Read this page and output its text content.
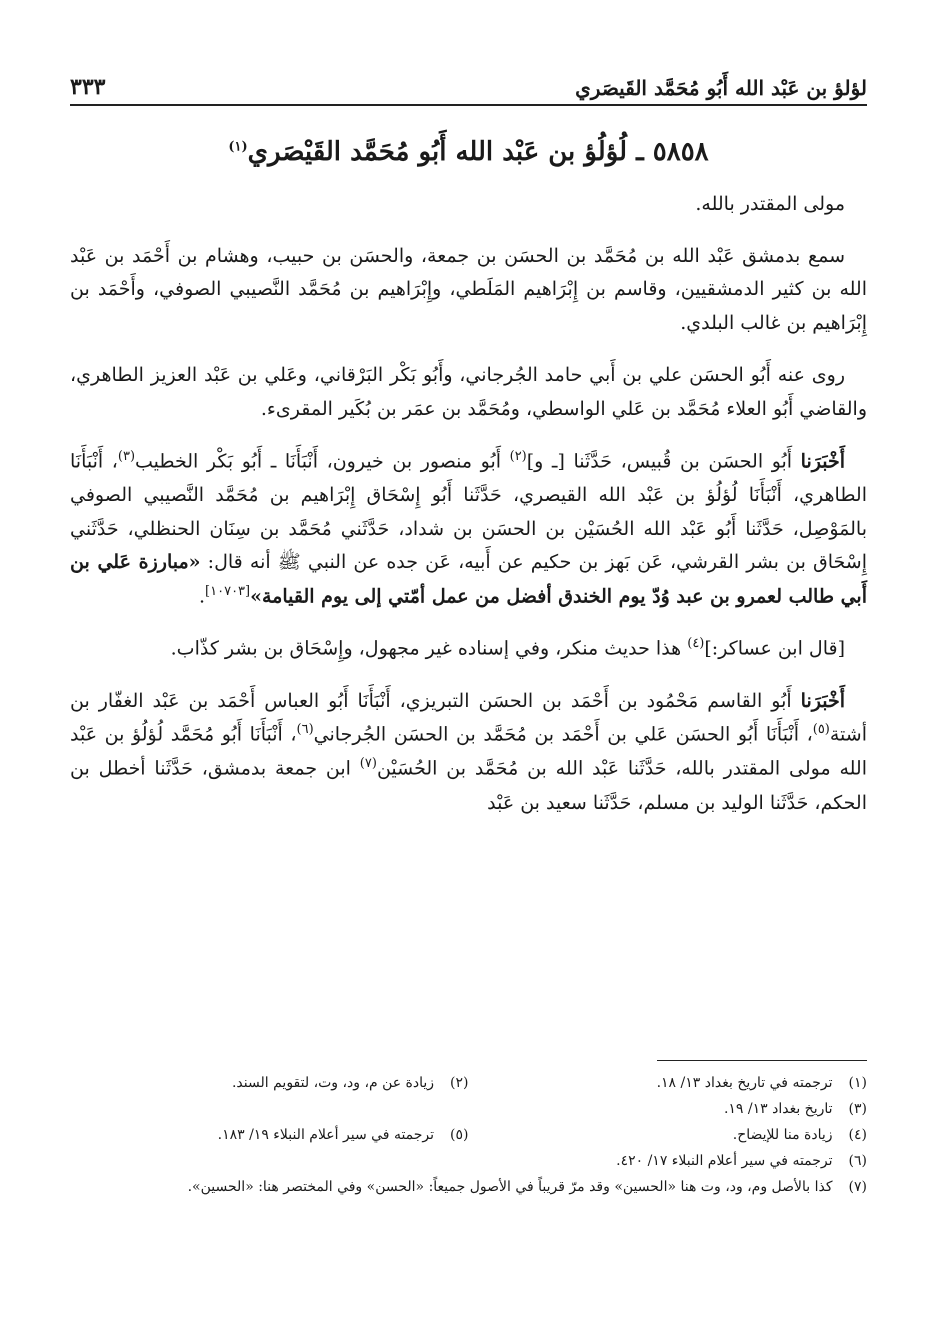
لؤلؤ بن عَبْد الله أَبُو مُحَمَّد القَيصَري
٣٣٣
٥٨٥٨ ـ لُؤلُؤ بن عَبْد الله أَبُو مُحَمَّد القَيْصَري$^{(١)}$

مولى المقتدر بالله.

سمع بدمشق عَبْد الله بن مُحَمَّد بن الحسَن بن جمعة، والحسَن بن حبيب، وهشام بن أَحْمَد بن عَبْد الله بن كثير الدمشقيين، وقاسم بن إِبْرَاهيم المَلَطي، وإِبْرَاهيم بن مُحَمَّد النَّصيبي الصوفي، وأَحْمَد بن إِبْرَاهيم بن غالب البلدي.

روى عنه أَبُو الحسَن علي بن أَبي حامد الجُرجاني، وأَبُو بَكْر البَرْقاني، وعَلي بن عَبْد العزيز الطاهري، والقاضي أَبُو العلاء مُحَمَّد بن عَلي الواسطي، ومُحَمَّد بن عمَر بن بُكَير المقرىء.

أَخْبَرَنا أَبُو الحسَن بن قُبيس، حَدَّثَنا [ـ و]$^{(٢)}$ أَبُو منصور بن خيرون، أَنْبَأَنَا ـ أَبُو بَكْر الخطيب$^{(٣)}$، أَنْبَأَنَا الطاهري، أَنْبَأَنَا لُؤلُؤ بن عَبْد الله القيصري، حَدَّثَنا أَبُو إِسْحَاق إِبْرَاهيم بن مُحَمَّد النَّصيبي الصوفي بالمَوْصِل، حَدَّثَنا أَبُو عَبْد الله الحُسَيْن بن الحسَن بن شداد، حَدَّثَني مُحَمَّد بن سِنَان الحنظلي، حَدَّثَني إِسْحَاق بن بشر القرشي، عَن بَهز بن حكيم عن أَبيه، عَن جده عن النبي ﷺ أنه قال: «مبارزة عَلي بن أَبي طالب لعمرو بن عبد وُدّ يوم الخندق أفضل من عمل أمّتي إلى يوم القيامة»[١٠٧٠٣].

[قال ابن عساكر:]$^{(٤)}$ هذا حديث منكر، وفي إسناده غير مجهول، وإِسْحَاق بن بشر كذّاب.

أَخْبَرَنا أَبُو القاسم مَحْمُود بن أَحْمَد بن الحسَن التبريزي، أَنْبَأَنَا أَبُو العباس أَحْمَد بن عَبْد الغفّار بن أشتة$^{(٥)}$، أَنْبَأَنَا أَبُو الحسَن عَلي بن أَحْمَد بن مُحَمَّد بن الحسَن الجُرجاني$^{(٦)}$، أَنْبَأَنَا أَبُو مُحَمَّد لُؤلُؤ بن عَبْد الله مولى المقتدر بالله، حَدَّثَنا عَبْد الله بن مُحَمَّد بن الحُسَيْن$^{(٧)}$ ابن جمعة بدمشق، حَدَّثَنا أخطل بن الحكم، حَدَّثَنا الوليد بن مسلم، حَدَّثَنا سعيد بن عَبْد

(١) ترجمته في تاريخ بغداد ١٣/ ١٨.
(٢) زيادة عن م، ود، وت، لتقويم السند.
(٣) تاريخ بغداد ١٣/ ١٩.
(٤) زيادة منا للإيضاح.
(٥) ترجمته في سير أعلام النبلاء ١٩/ ١٨٣.
(٦) ترجمته في سير أعلام النبلاء ١٧/ ٤٢٠.
(٧) كذا بالأصل وم، ود، وت هنا «الحسين» وقد مرّ قريباً في الأصول جميعاً: «الحسن» وفي المختصر هنا: «الحسين».
